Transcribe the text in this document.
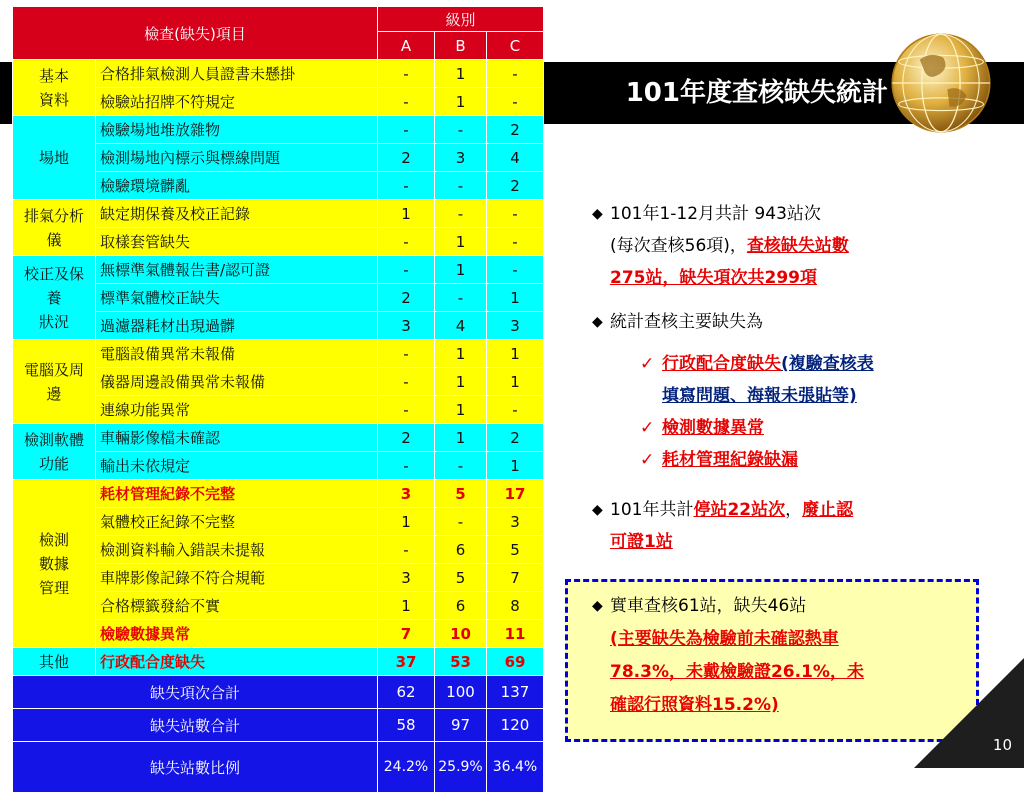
101年度查核缺失統計
檢查(缺失)項目		級別		
		A	B	C

基本
資料	合格排氣檢測人員證書未懸掛	-	1	-
	檢驗站招牌不符規定	-	1	-

場地	檢驗場地堆放雜物	-	-	2
	檢測場地內標示與標線問題	2	3	4
	檢驗環境髒亂	-	-	2

排氣分析
儀	缺定期保養及校正記錄	1	-	-
	取樣套管缺失	-	1	-

校正及保
養
狀況	無標準氣體報告書/認可證	-	1	-
	標準氣體校正缺失	2	-	1
	過濾器耗材出現過髒	3	4	3

電腦及周
邊	電腦設備異常未報備	-	1	1
	儀器周邊設備異常未報備	-	1	1
	連線功能異常	-	1	-

檢測軟體
功能	車輛影像檔未確認	2	1	2
	輸出未依規定	-	-	1

檢測
數據
管理	耗材管理紀錄不完整	3	5	17
	氣體校正紀錄不完整	1	-	3
	檢測資料輸入錯誤未提報	-	6	5
	車牌影像記錄不符合規範	3	5	7
	合格標籤發給不實	1	6	8
	檢驗數據異常	7	10	11

其他	行政配合度缺失	37	53	69
缺失項次合計		62	100	137
缺失站數合計		58	97	120
缺失站數比例		24.2%	25.9%	36.4%
◆ 101年1-12月共計 943站次
(每次查核56項)，查核缺失站數
275站，缺失項次共299項
◆ 統計查核主要缺失為
✓ 行政配合度缺失(複驗查核表
填寫問題、海報未張貼等)
✓ 檢測數據異常
✓ 耗材管理紀錄缺漏
◆ 101年共計停站22站次，廢止認
可證1站
◆ 實車查核61站，缺失46站
(主要缺失為檢驗前未確認熱車
78.3%，未戴檢驗證26.1%，未
確認行照資料15.2%)
10
